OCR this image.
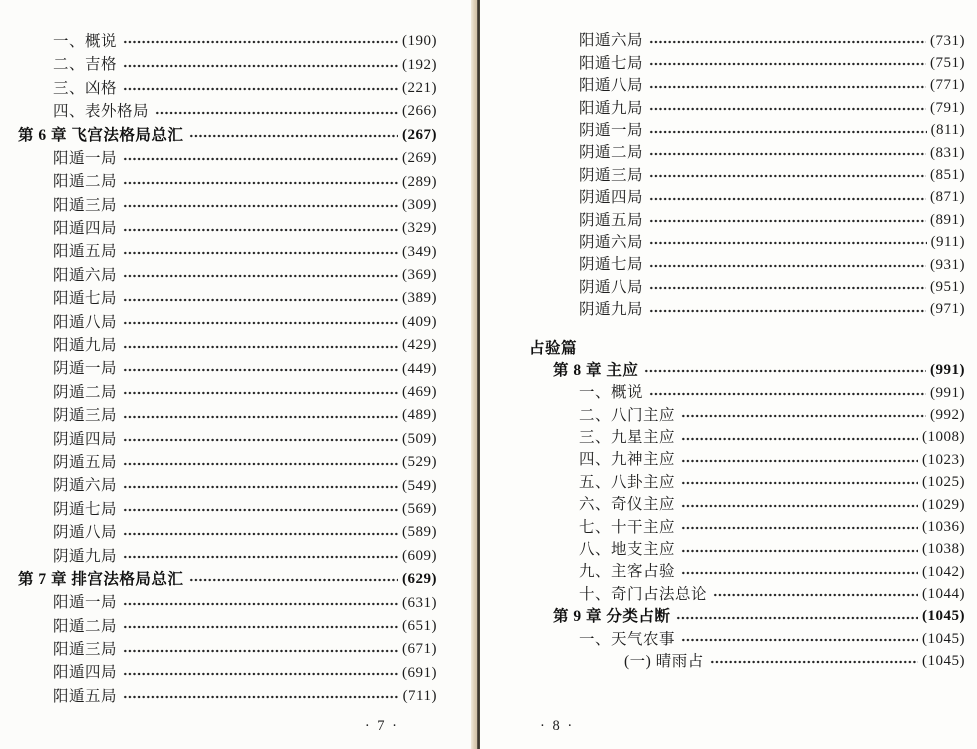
一、概说	(190)
二、吉格	(192)
三、凶格	(221)
四、表外格局	(266)
第 6 章 飞宫法格局总汇	(267)
阳遁一局	(269)
阳遁二局	(289)
阳遁三局	(309)
阳遁四局	(329)
阳遁五局	(349)
阳遁六局	(369)
阳遁七局	(389)
阳遁八局	(409)
阳遁九局	(429)
阴遁一局	(449)
阴遁二局	(469)
阴遁三局	(489)
阴遁四局	(509)
阴遁五局	(529)
阴遁六局	(549)
阴遁七局	(569)
阴遁八局	(589)
阴遁九局	(609)
第 7 章 排宫法格局总汇	(629)
阳遁一局	(631)
阳遁二局	(651)
阳遁三局	(671)
阳遁四局	(691)
阳遁五局	(711)
· 7 ·
阳遁六局	(731)
阳遁七局	(751)
阳遁八局	(771)
阳遁九局	(791)
阴遁一局	(811)
阴遁二局	(831)
阴遁三局	(851)
阴遁四局	(871)
阴遁五局	(891)
阴遁六局	(911)
阴遁七局	(931)
阴遁八局	(951)
阴遁九局	(971)
占验篇
第 8 章 主应	(991)
一、概说	(991)
二、八门主应	(992)
三、九星主应	(1008)
四、九神主应	(1023)
五、八卦主应	(1025)
六、奇仪主应	(1029)
七、十干主应	(1036)
八、地支主应	(1038)
九、主客占验	(1042)
十、奇门占法总论	(1044)
第 9 章 分类占断	(1045)
一、天气农事	(1045)
(一) 晴雨占	(1045)
· 8 ·
